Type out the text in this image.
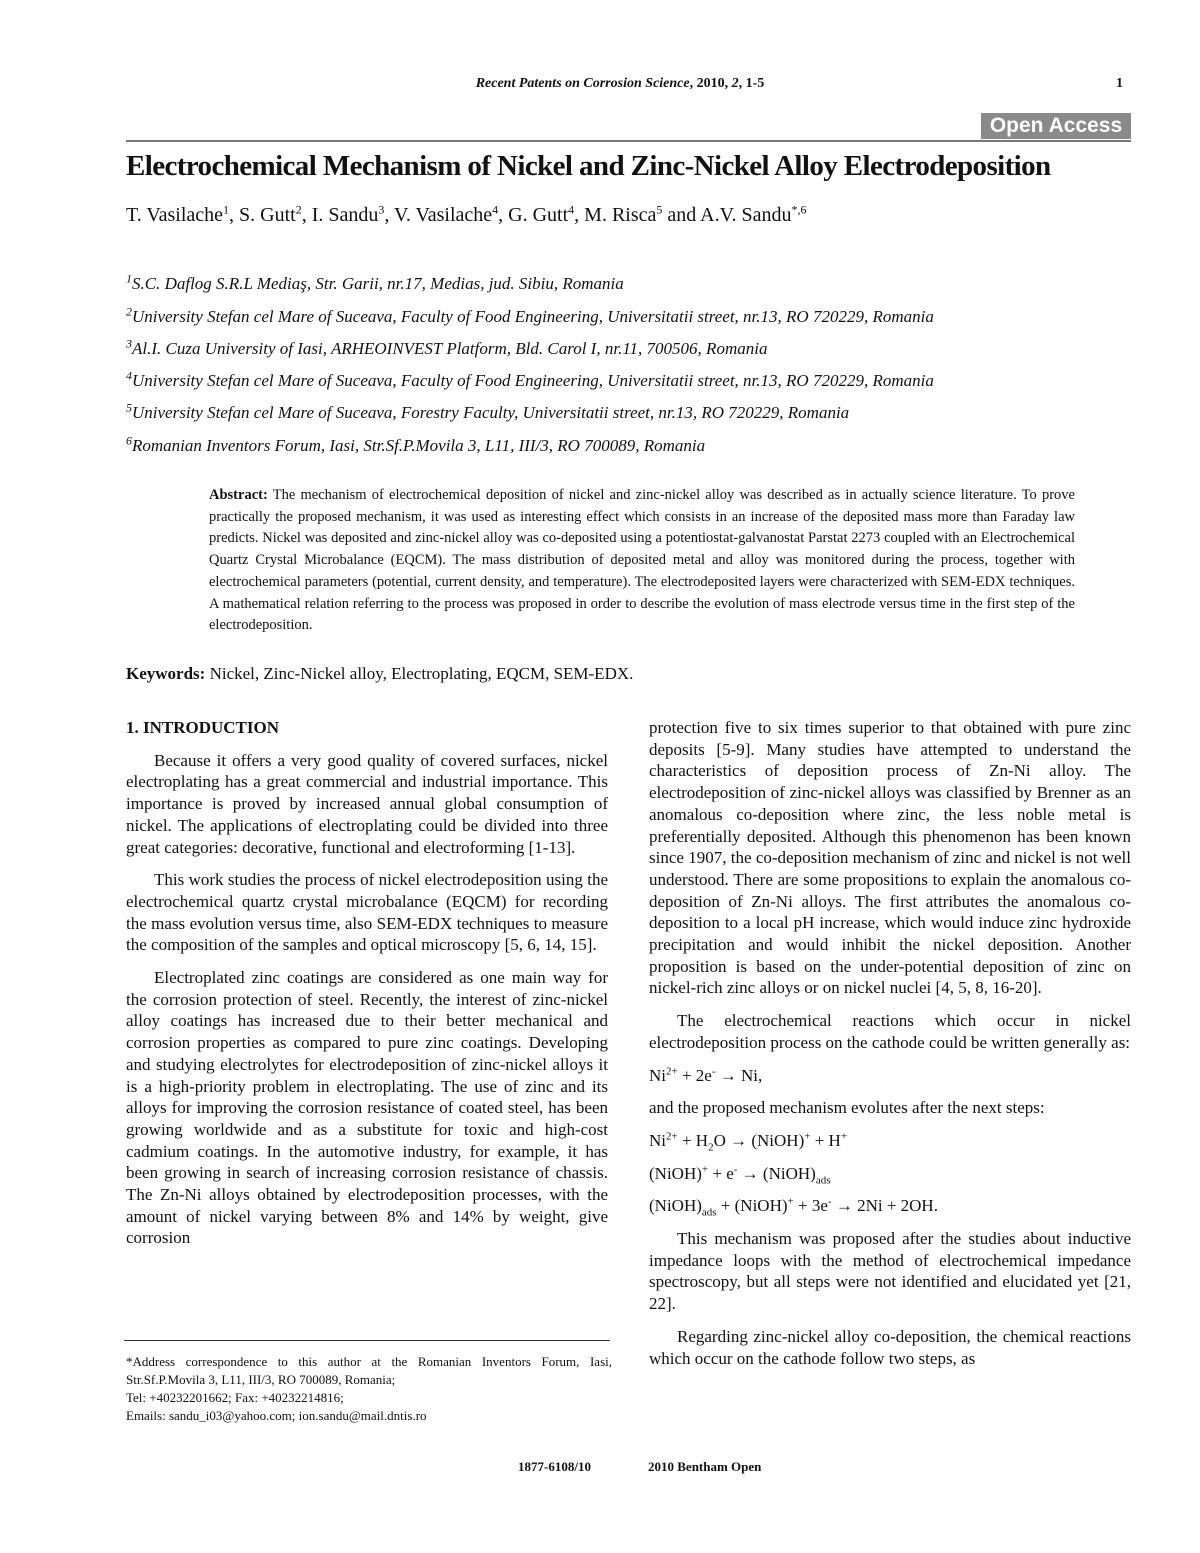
Recent Patents on Corrosion Science, 2010, 2, 1-5	1
Open Access
Electrochemical Mechanism of Nickel and Zinc-Nickel Alloy Electrodeposition
T. Vasilache$^1$, S. Gutt$^2$, I. Sandu$^3$, V. Vasilache$^4$, G. Gutt$^4$, M. Risca$^5$ and A.V. Sandu$^{*,6}$
$^1$S.C. Daflog S.R.L Mediaş, Str. Garii, nr.17, Medias, jud. Sibiu, Romania
$^2$University Stefan cel Mare of Suceava, Faculty of Food Engineering, Universitatii street, nr.13, RO 720229, Romania
$^3$Al.I. Cuza University of Iasi, ARHEOINVEST Platform, Bld. Carol I, nr.11, 700506, Romania
$^4$University Stefan cel Mare of Suceava, Faculty of Food Engineering, Universitatii street, nr.13, RO 720229, Romania
$^5$University Stefan cel Mare of Suceava, Forestry Faculty, Universitatii street, nr.13, RO 720229, Romania
$^6$Romanian Inventors Forum, Iasi, Str.Sf.P.Movila 3, L11, III/3, RO 700089, Romania
Abstract: The mechanism of electrochemical deposition of nickel and zinc-nickel alloy was described as in actually science literature. To prove practically the proposed mechanism, it was used as interesting effect which consists in an increase of the deposited mass more than Faraday law predicts. Nickel was deposited and zinc-nickel alloy was co-deposited using a potentiostat-galvanostat Parstat 2273 coupled with an Electrochemical Quartz Crystal Microbalance (EQCM). The mass distribution of deposited metal and alloy was monitored during the process, together with electrochemical parameters (potential, current density, and temperature). The electrodeposited layers were characterized with SEM-EDX techniques. A mathematical relation referring to the process was proposed in order to describe the evolution of mass electrode versus time in the first step of the electrodeposition.
Keywords: Nickel, Zinc-Nickel alloy, Electroplating, EQCM, SEM-EDX.

1. INTRODUCTION

Because it offers a very good quality of covered surfaces, nickel electroplating has a great commercial and industrial importance. This importance is proved by increased annual global consumption of nickel. The applications of electroplating could be divided into three great categories: decorative, functional and electroforming [1-13].

This work studies the process of nickel electrodeposition using the electrochemical quartz crystal microbalance (EQCM) for recording the mass evolution versus time, also SEM-EDX techniques to measure the composition of the samples and optical microscopy [5, 6, 14, 15].

Electroplated zinc coatings are considered as one main way for the corrosion protection of steel. Recently, the interest of zinc-nickel alloy coatings has increased due to their better mechanical and corrosion properties as compared to pure zinc coatings. Developing and studying electrolytes for electrodeposition of zinc-nickel alloys it is a high-priority problem in electroplating. The use of zinc and its alloys for improving the corrosion resistance of coated steel, has been growing worldwide and as a substitute for toxic and high-cost cadmium coatings. In the automotive industry, for example, it has been growing in search of increasing corrosion resistance of chassis. The Zn-Ni alloys obtained by electrodeposition processes, with the amount of nickel varying between 8% and 14% by weight, give corrosion

protection five to six times superior to that obtained with pure zinc deposits [5-9]. Many studies have attempted to understand the characteristics of deposition process of Zn-Ni alloy. The electrodeposition of zinc-nickel alloys was classified by Brenner as an anomalous co-deposition where zinc, the less noble metal is preferentially deposited. Although this phenomenon has been known since 1907, the co-deposition mechanism of zinc and nickel is not well understood. There are some propositions to explain the anomalous co-deposition of Zn-Ni alloys. The first attributes the anomalous co-deposition to a local pH increase, which would induce zinc hydroxide precipitation and would inhibit the nickel deposition. Another proposition is based on the under-potential deposition of zinc on nickel-rich zinc alloys or on nickel nuclei [4, 5, 8, 16-20].

The electrochemical reactions which occur in nickel electrodeposition process on the cathode could be written generally as:

$Ni^{2+} + 2e^- \to Ni$,

and the proposed mechanism evolutes after the next steps:

$Ni^{2+} + H_2O$ → (NiOH)+ + H+

(NiOH)+ + $e^- \to (NiOH)_{ads}$

$(NiOH)_{ads}$ + (NiOH)+ + 3e- → 2Ni + 2OH.

This mechanism was proposed after the studies about inductive impedance loops with the method of electrochemical impedance spectroscopy, but all steps were not identified and elucidated yet [21, 22].

Regarding zinc-nickel alloy co-deposition, the chemical reactions which occur on the cathode follow two steps, as

*Address correspondence to this author at the Romanian Inventors Forum, Iasi, Str.Sf.P.Movila 3, L11, III/3, RO 700089, Romania;
Tel: +40232201662; Fax: +40232214816;
Emails: sandu_i03@yahoo.com; ion.sandu@mail.dntis.ro
1877-6108/10	2010 Bentham Open
